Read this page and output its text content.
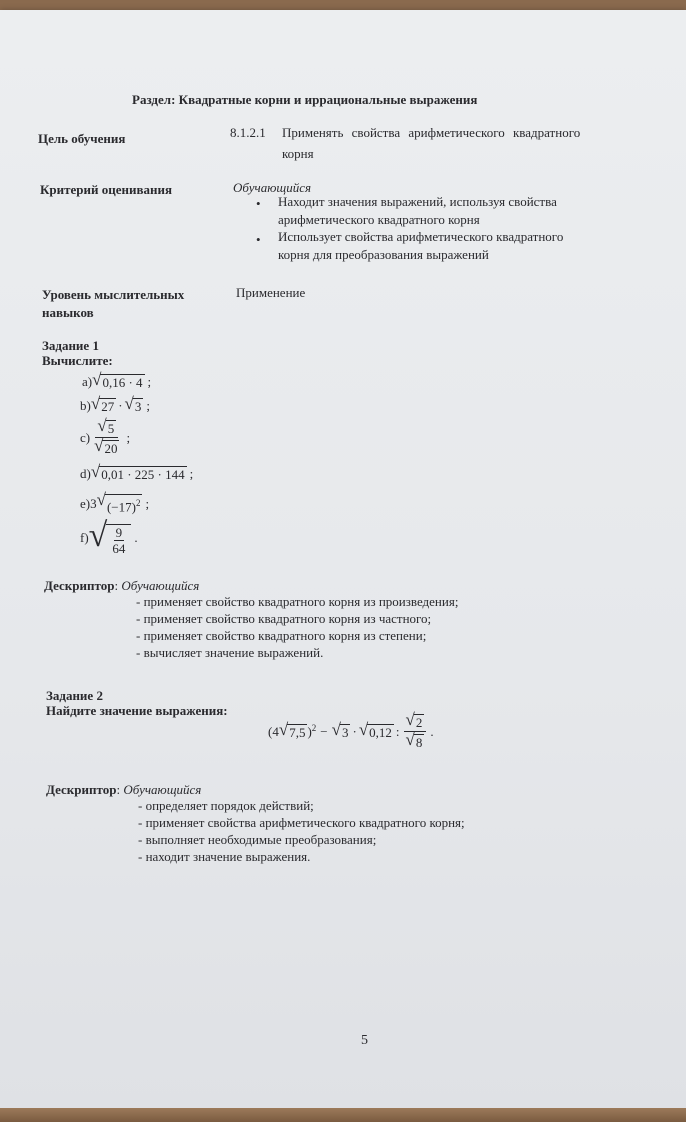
Раздел: Квадратные корни и иррациональные выражения
Цель обучения	8.1.2.1 Применять свойства арифметического квадратного
корня
Критерий оценивания	Обучающийся
• Находит значения выражений, используя свойства
арифметического квадратного корня
• Использует свойства арифметического квадратного
корня для преобразования выражений
Уровень мыслительных
навыков
Применение
Задание 1
Вычислите:
a) √ 0,16 · 4 ;
b) √ 27 · √ 3 ;
$c) \frac{√ 5}{√ 20}$ ;
d) √ 0,01 · 225 · 144 ;
e) 3 √ $(-17)^2$ ;
f) √ $\frac{9}{64}$ .
Дескриптор: Обучающийся
- применяет свойство квадратного корня из произведения;
- применяет свойство квадратного корня из частного;
- применяет свойство квадратного корня из степени;
- вычисляет значение выражений.
Задание 2
Найдите значение выражения:
(4 √ 7,5 )$^2$ − √ 3 · √ 0,12 : $\frac{√ 2}{√ 8}$ .
Дескриптор: Обучающийся
- определяет порядок действий;
- применяет свойства арифметического квадратного корня;
- выполняет необходимые преобразования;
- находит значение выражения.
5
